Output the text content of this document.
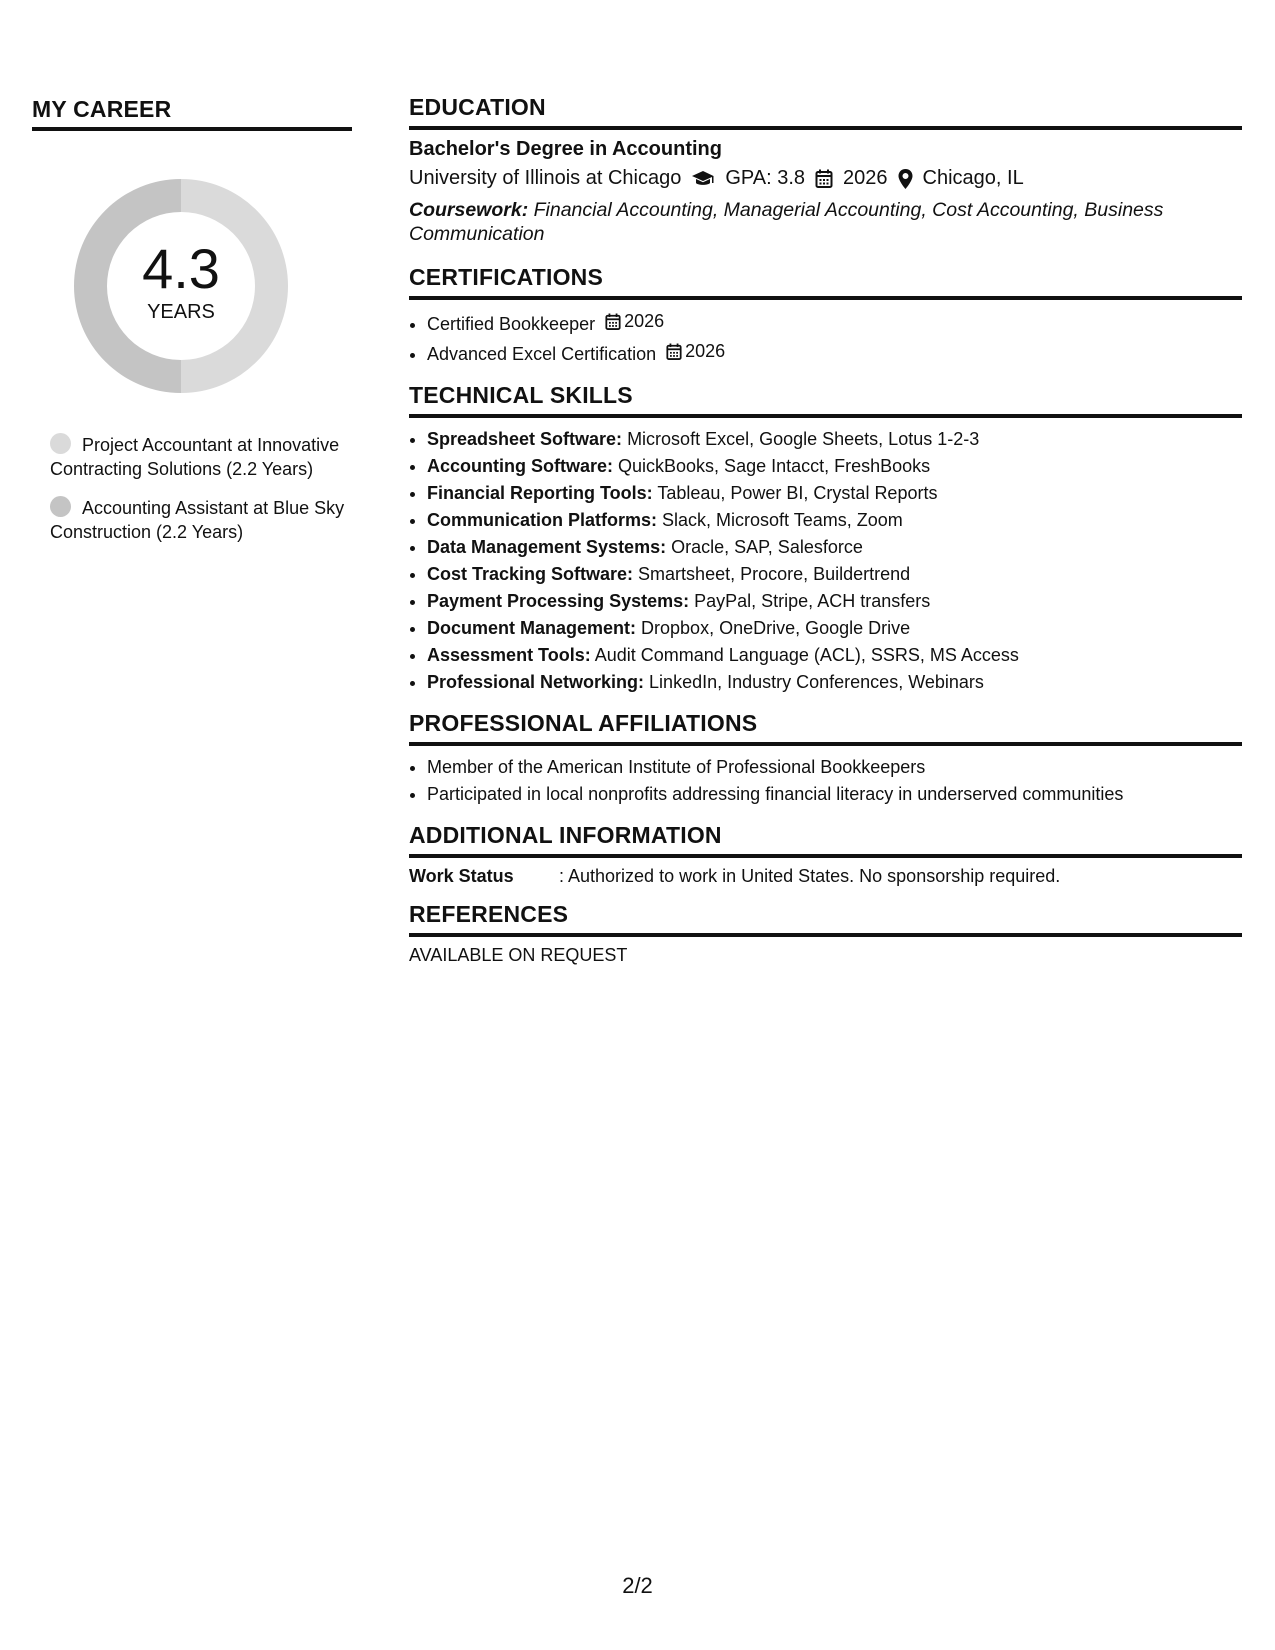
MY CAREER
4.3
YEARS
Project Accountant at Innovative Contracting Solutions (2.2 Years)
Accounting Assistant at Blue Sky Construction (2.2 Years)
EDUCATION
Bachelor's Degree in Accounting
University of Illinois at Chicago GPA: 3.8 2026 Chicago, IL
Coursework: Financial Accounting, Managerial Accounting, Cost Accounting, Business Communication
CERTIFICATIONS
• Certified Bookkeeper 2026
• Advanced Excel Certification 2026
TECHNICAL SKILLS
• Spreadsheet Software: Microsoft Excel, Google Sheets, Lotus 1-2-3
• Accounting Software: QuickBooks, Sage Intacct, FreshBooks
• Financial Reporting Tools: Tableau, Power BI, Crystal Reports
• Communication Platforms: Slack, Microsoft Teams, Zoom
• Data Management Systems: Oracle, SAP, Salesforce
• Cost Tracking Software: Smartsheet, Procore, Buildertrend
• Payment Processing Systems: PayPal, Stripe, ACH transfers
• Document Management: Dropbox, OneDrive, Google Drive
• Assessment Tools: Audit Command Language (ACL), SSRS, MS Access
• Professional Networking: LinkedIn, Industry Conferences, Webinars
PROFESSIONAL AFFILIATIONS
• Member of the American Institute of Professional Bookkeepers
• Participated in local nonprofits addressing financial literacy in underserved communities
ADDITIONAL INFORMATION
Work Status	: Authorized to work in United States. No sponsorship required.
REFERENCES
AVAILABLE ON REQUEST
2/2
